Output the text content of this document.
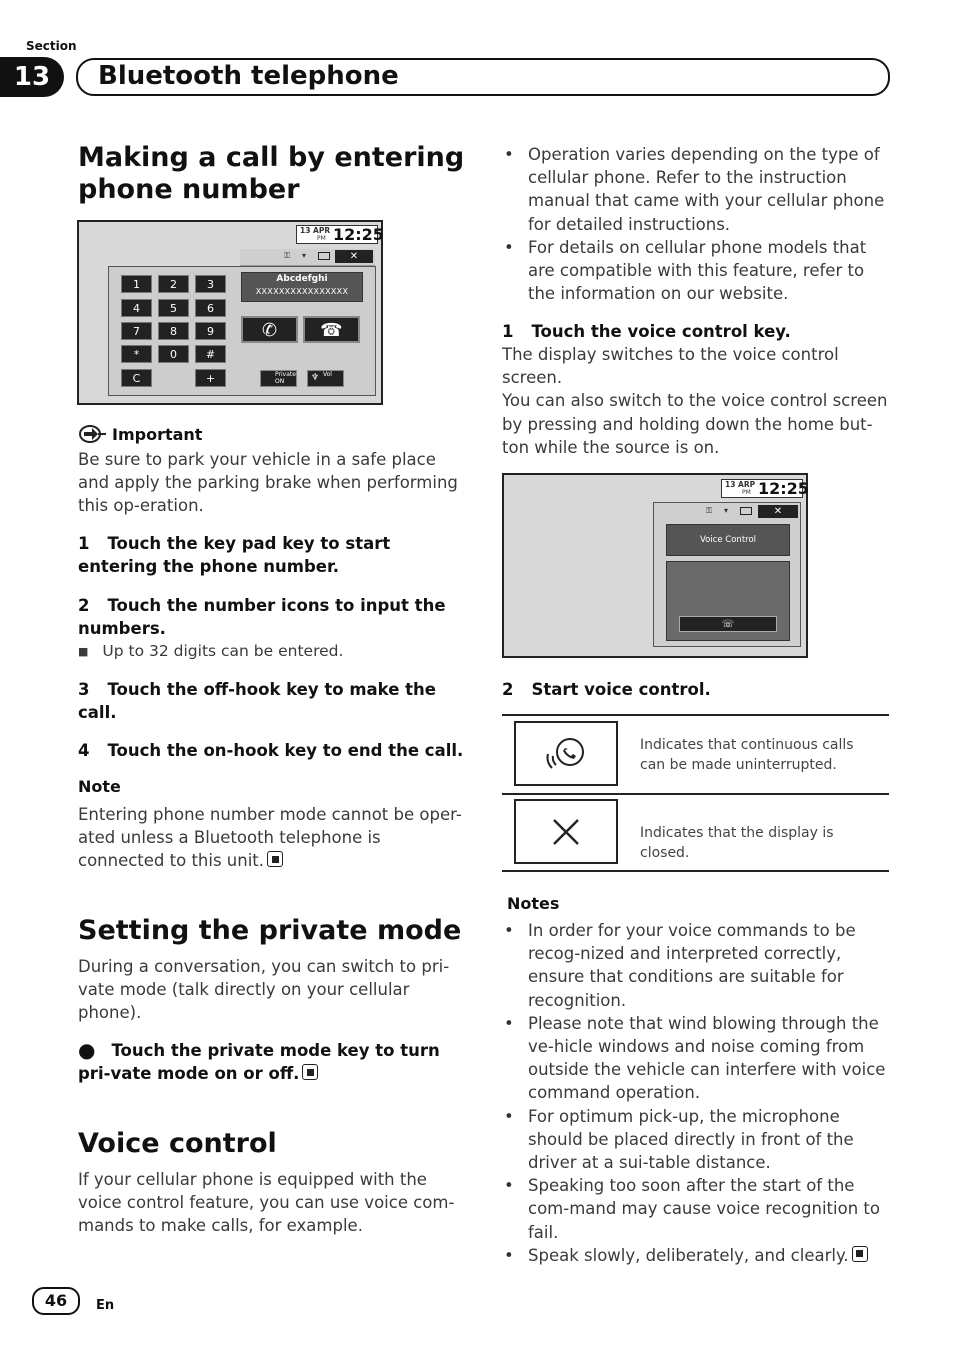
Section
13	Bluetooth telephone
Making a call by entering phone number
13 APR
PM 12:25
⚿ ▾	✕
1	2	3
4	5	6
7	8	9
*	0	#
C	+
Abcdefghi
XXXXXXXXXXXXXXXX
✆	☎
Private
ON	♆ Vol
Important

Be sure to park your vehicle in a safe place and apply the parking brake when performing this op-eration.

1 Touch the key pad key to start entering the phone number.
2 Touch the number icons to input the numbers.
■ Up to 32 digits can be entered.
3 Touch the off-hook key to make the call.
4 Touch the on-hook key to end the call.
Note
Entering phone number mode cannot be oper-ated unless a Bluetooth telephone is connected to this unit.
Setting the private mode

During a conversation, you can switch to pri-vate mode (talk directly on your cellular phone).

● Touch the private mode key to turn pri-vate mode on or off.
Voice control

If your cellular phone is equipped with the voice control feature, you can use voice com-mands to make calls, for example.

• Operation varies depending on the type of cellular phone. Refer to the instruction manual that came with your cellular phone for detailed instructions.
• For details on cellular phone models that are compatible with this feature, refer to the information on our website.
1 Touch the voice control key.

The display switches to the voice control screen.
You can also switch to the voice control screen by pressing and holding down the home but-ton while the source is on.

13 ARP
PM 12:25
⚿ ▾	✕
Voice Control
☏
2 Start voice control.
Indicates that continuous calls can be made uninterrupted.
Indicates that the display is closed.
Notes
• In order for your voice commands to be recog-nized and interpreted correctly, ensure that conditions are suitable for recognition.
• Please note that wind blowing through the ve-hicle windows and noise coming from outside the vehicle can interfere with voice command operation.
• For optimum pick-up, the microphone should be placed directly in front of the driver at a sui-table distance.
• Speaking too soon after the start of the com-mand may cause voice recognition to fail.
• Speak slowly, deliberately, and clearly.
46	En
